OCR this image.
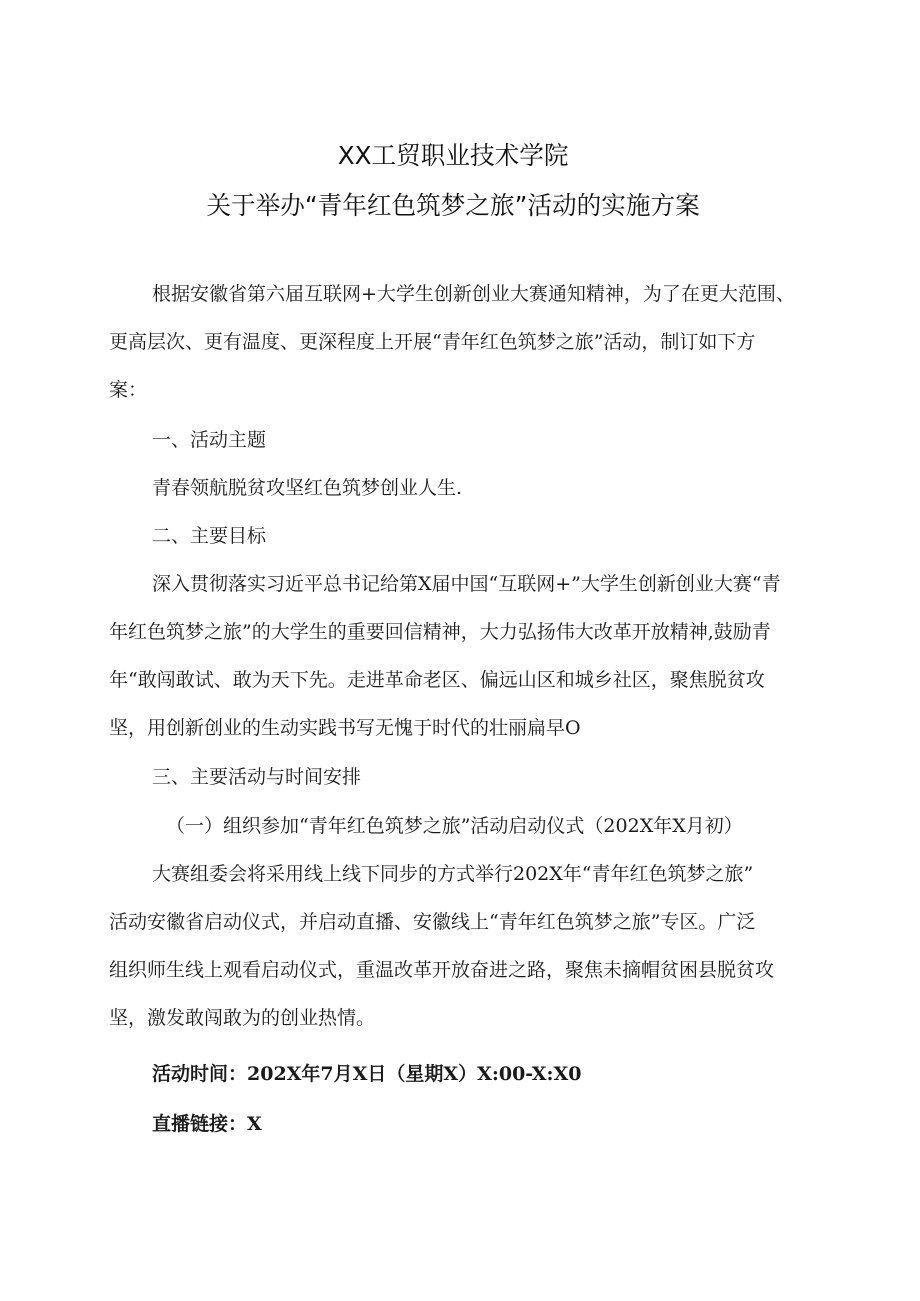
XX工贸职业技术学院
关于举办“青年红色筑梦之旅”活动的实施方案
根据安徽省第六届互联网+大学生创新创业大赛通知精神，为了在更大范围、
更高层次、更有温度、更深程度上开展“青年红色筑梦之旅”活动，制订如下方
案：
一、活动主题
青春领航脱贫攻坚红色筑梦创业人生.
二、主要目标
深入贯彻落实习近平总书记给第X届中国“互联网+”大学生创新创业大赛“青
年红色筑梦之旅”的大学生的重要回信精神，大力弘扬伟大改革开放精神,鼓励青
年“敢闯敢试、敢为天下先。走进革命老区、偏远山区和城乡社区，聚焦脱贫攻
坚，用创新创业的生动实践书写无愧于时代的壮丽扁早O
三、主要活动与时间安排
（一）组织参加“青年红色筑梦之旅”活动启动仪式（202X年X月初）
大赛组委会将采用线上线下同步的方式举行202X年“青年红色筑梦之旅”
活动安徽省启动仪式，并启动直播、安徽线上“青年红色筑梦之旅”专区。广泛
组织师生线上观看启动仪式，重温改革开放奋进之路，聚焦未摘帽贫困县脱贫攻
坚，激发敢闯敢为的创业热情。
活动时间：202X年7月X日（星期X）X:00-X:X0
直播链接：X
